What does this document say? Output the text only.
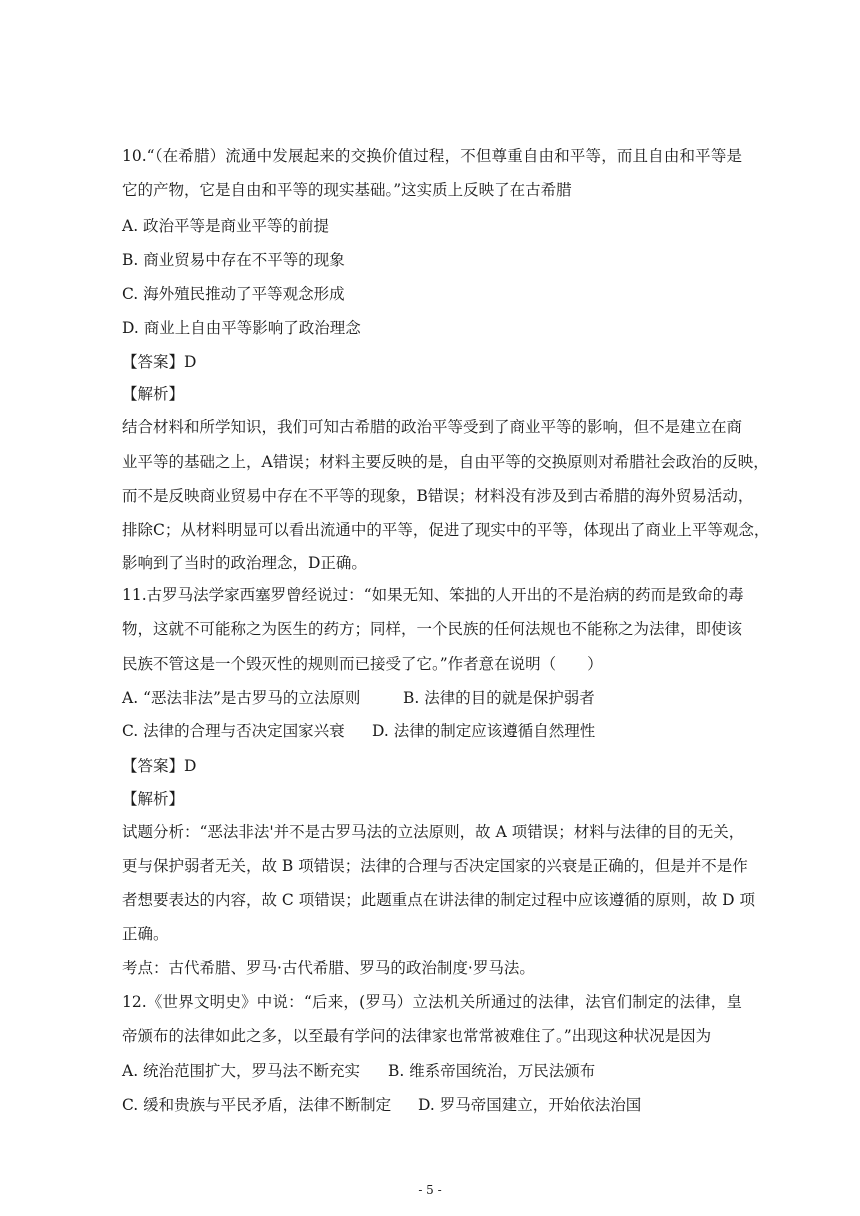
10.“（在希腊）流通中发展起来的交换价值过程，不但尊重自由和平等，而且自由和平等是
它的产物，它是自由和平等的现实基础。”这实质上反映了在古希腊
A. 政治平等是商业平等的前提
B. 商业贸易中存在不平等的现象
C. 海外殖民推动了平等观念形成
D. 商业上自由平等影响了政治理念
【答案】D
【解析】
结合材料和所学知识，我们可知古希腊的政治平等受到了商业平等的影响，但不是建立在商
业平等的基础之上，A错误；材料主要反映的是，自由平等的交换原则对希腊社会政治的反映，
而不是反映商业贸易中存在不平等的现象，B错误；材料没有涉及到古希腊的海外贸易活动，
排除C；从材料明显可以看出流通中的平等，促进了现实中的平等，体现出了商业上平等观念，
影响到了当时的政治理念，D正确。
11.古罗马法学家西塞罗曾经说过：“如果无知、笨拙的人开出的不是治病的药而是致命的毒
物，这就不可能称之为医生的药方；同样，一个民族的任何法规也不能称之为法律，即使该
民族不管这是一个毁灭性的规则而已接受了它。”作者意在说明（　　）
A. “恶法非法”是古罗马的立法原则	B. 法律的目的就是保护弱者
C. 法律的合理与否决定国家兴衰 D. 法律的制定应该遵循自然理性
【答案】D
【解析】
试题分析：“恶法非法'并不是古罗马法的立法原则，故 A 项错误；材料与法律的目的无关，
更与保护弱者无关，故 B 项错误；法律的合理与否决定国家的兴衰是正确的，但是并不是作
者想要表达的内容，故 C 项错误；此题重点在讲法律的制定过程中应该遵循的原则，故 D 项
正确。
考点：古代希腊、罗马·古代希腊、罗马的政治制度·罗马法。
12.《世界文明史》中说：“后来，(罗马）立法机关所通过的法律，法官们制定的法律，皇
帝颁布的法律如此之多，以至最有学问的法律家也常常被难住了。”出现这种状况是因为
A. 统治范围扩大，罗马法不断充实 B. 维系帝国统治，万民法颁布
C. 缓和贵族与平民矛盾，法律不断制定 D. 罗马帝国建立，开始依法治国
- 5 -
